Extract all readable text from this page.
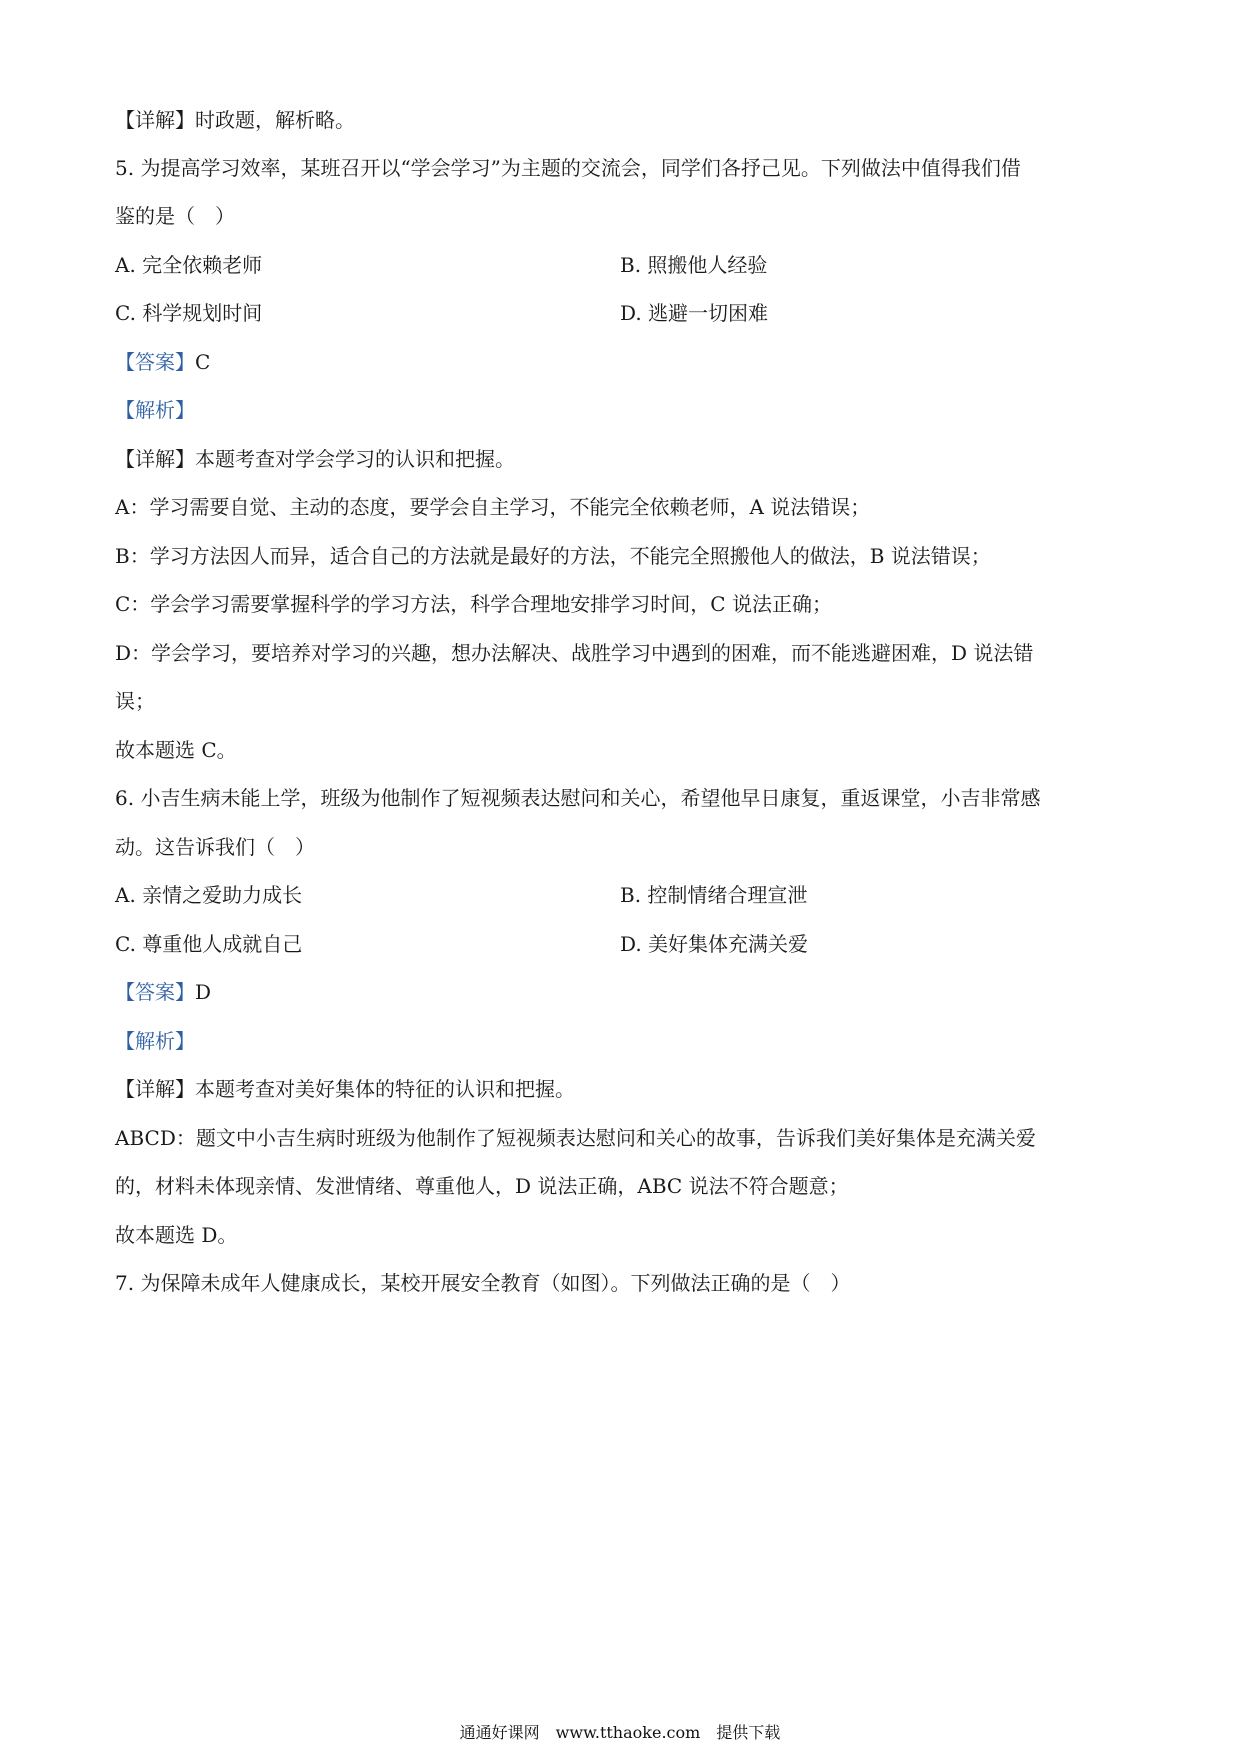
【详解】时政题，解析略。
5. 为提高学习效率，某班召开以“学会学习”为主题的交流会，同学们各抒己见。下列做法中值得我们借
鉴的是（　）
A. 完全依赖老师	B. 照搬他人经验
C. 科学规划时间	D. 逃避一切困难
【答案】C
【解析】
【详解】本题考查对学会学习的认识和把握。
A：学习需要自觉、主动的态度，要学会自主学习，不能完全依赖老师，A 说法错误；
B：学习方法因人而异，适合自己的方法就是最好的方法，不能完全照搬他人的做法，B 说法错误；
C：学会学习需要掌握科学的学习方法，科学合理地安排学习时间，C 说法正确；
D：学会学习，要培养对学习的兴趣，想办法解决、战胜学习中遇到的困难，而不能逃避困难，D 说法错
误；
故本题选 C。
6. 小吉生病未能上学，班级为他制作了短视频表达慰问和关心，希望他早日康复，重返课堂，小吉非常感
动。这告诉我们（　）
A. 亲情之爱助力成长	B. 控制情绪合理宣泄
C. 尊重他人成就自己	D. 美好集体充满关爱
【答案】D
【解析】
【详解】本题考查对美好集体的特征的认识和把握。
ABCD：题文中小吉生病时班级为他制作了短视频表达慰问和关心的故事，告诉我们美好集体是充满关爱
的，材料未体现亲情、发泄情绪、尊重他人，D 说法正确，ABC 说法不符合题意；
故本题选 D。
7. 为保障未成年人健康成长，某校开展安全教育（如图）。下列做法正确的是（　）
通通好课网　www.tthaoke.com　提供下载
